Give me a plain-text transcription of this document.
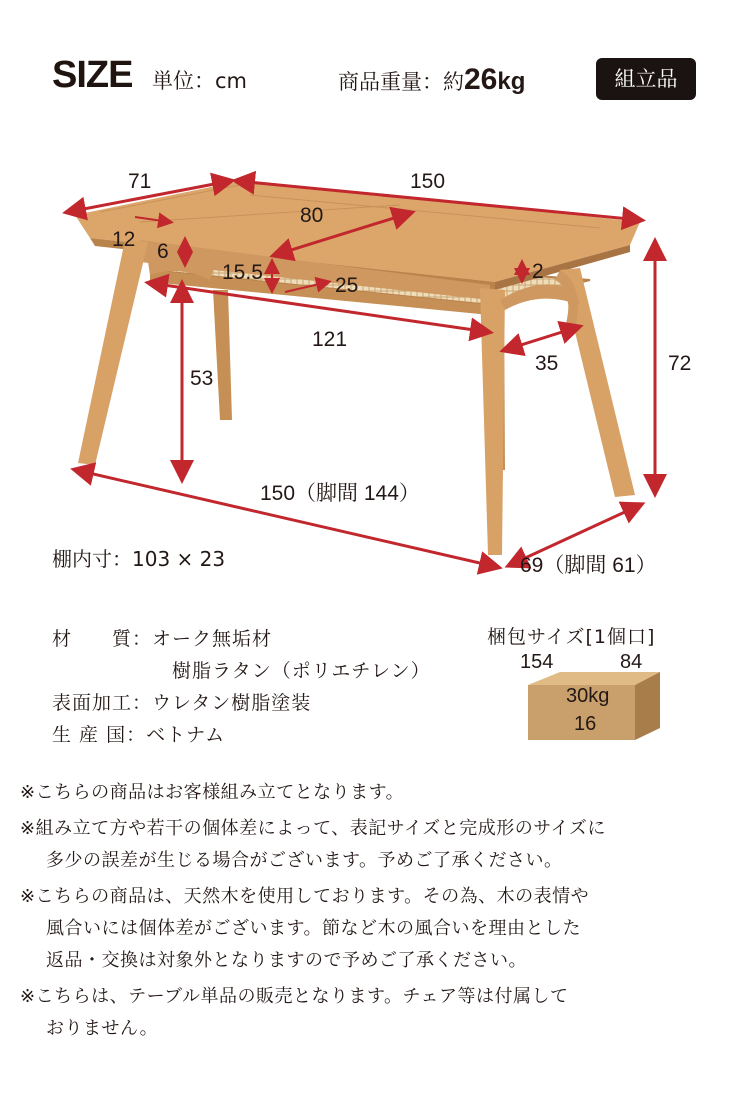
SIZE 単位：cm	商品重量：約26kg	組立品
71	150
80
12
6
15.5
25
2
121
35	72
53
150（脚間 144）
69（脚間 61）
棚内寸：103 × 23
材　　質：オーク無垢材
樹脂ラタン（ポリエチレン）
表面加工：ウレタン樹脂塗装
生 産 国：ベトナム
梱包サイズ[1個口]
154	84
30kg
16
※こちらの商品はお客様組み立てとなります。
※組み立て方や若干の個体差によって、表記サイズと完成形のサイズに
多少の誤差が生じる場合がございます。予めご了承ください。
※こちらの商品は、天然木を使用しております。その為、木の表情や
風合いには個体差がございます。節など木の風合いを理由とした
返品・交換は対象外となりますので予めご了承ください。
※こちらは、テーブル単品の販売となります。チェア等は付属して
おりません。
